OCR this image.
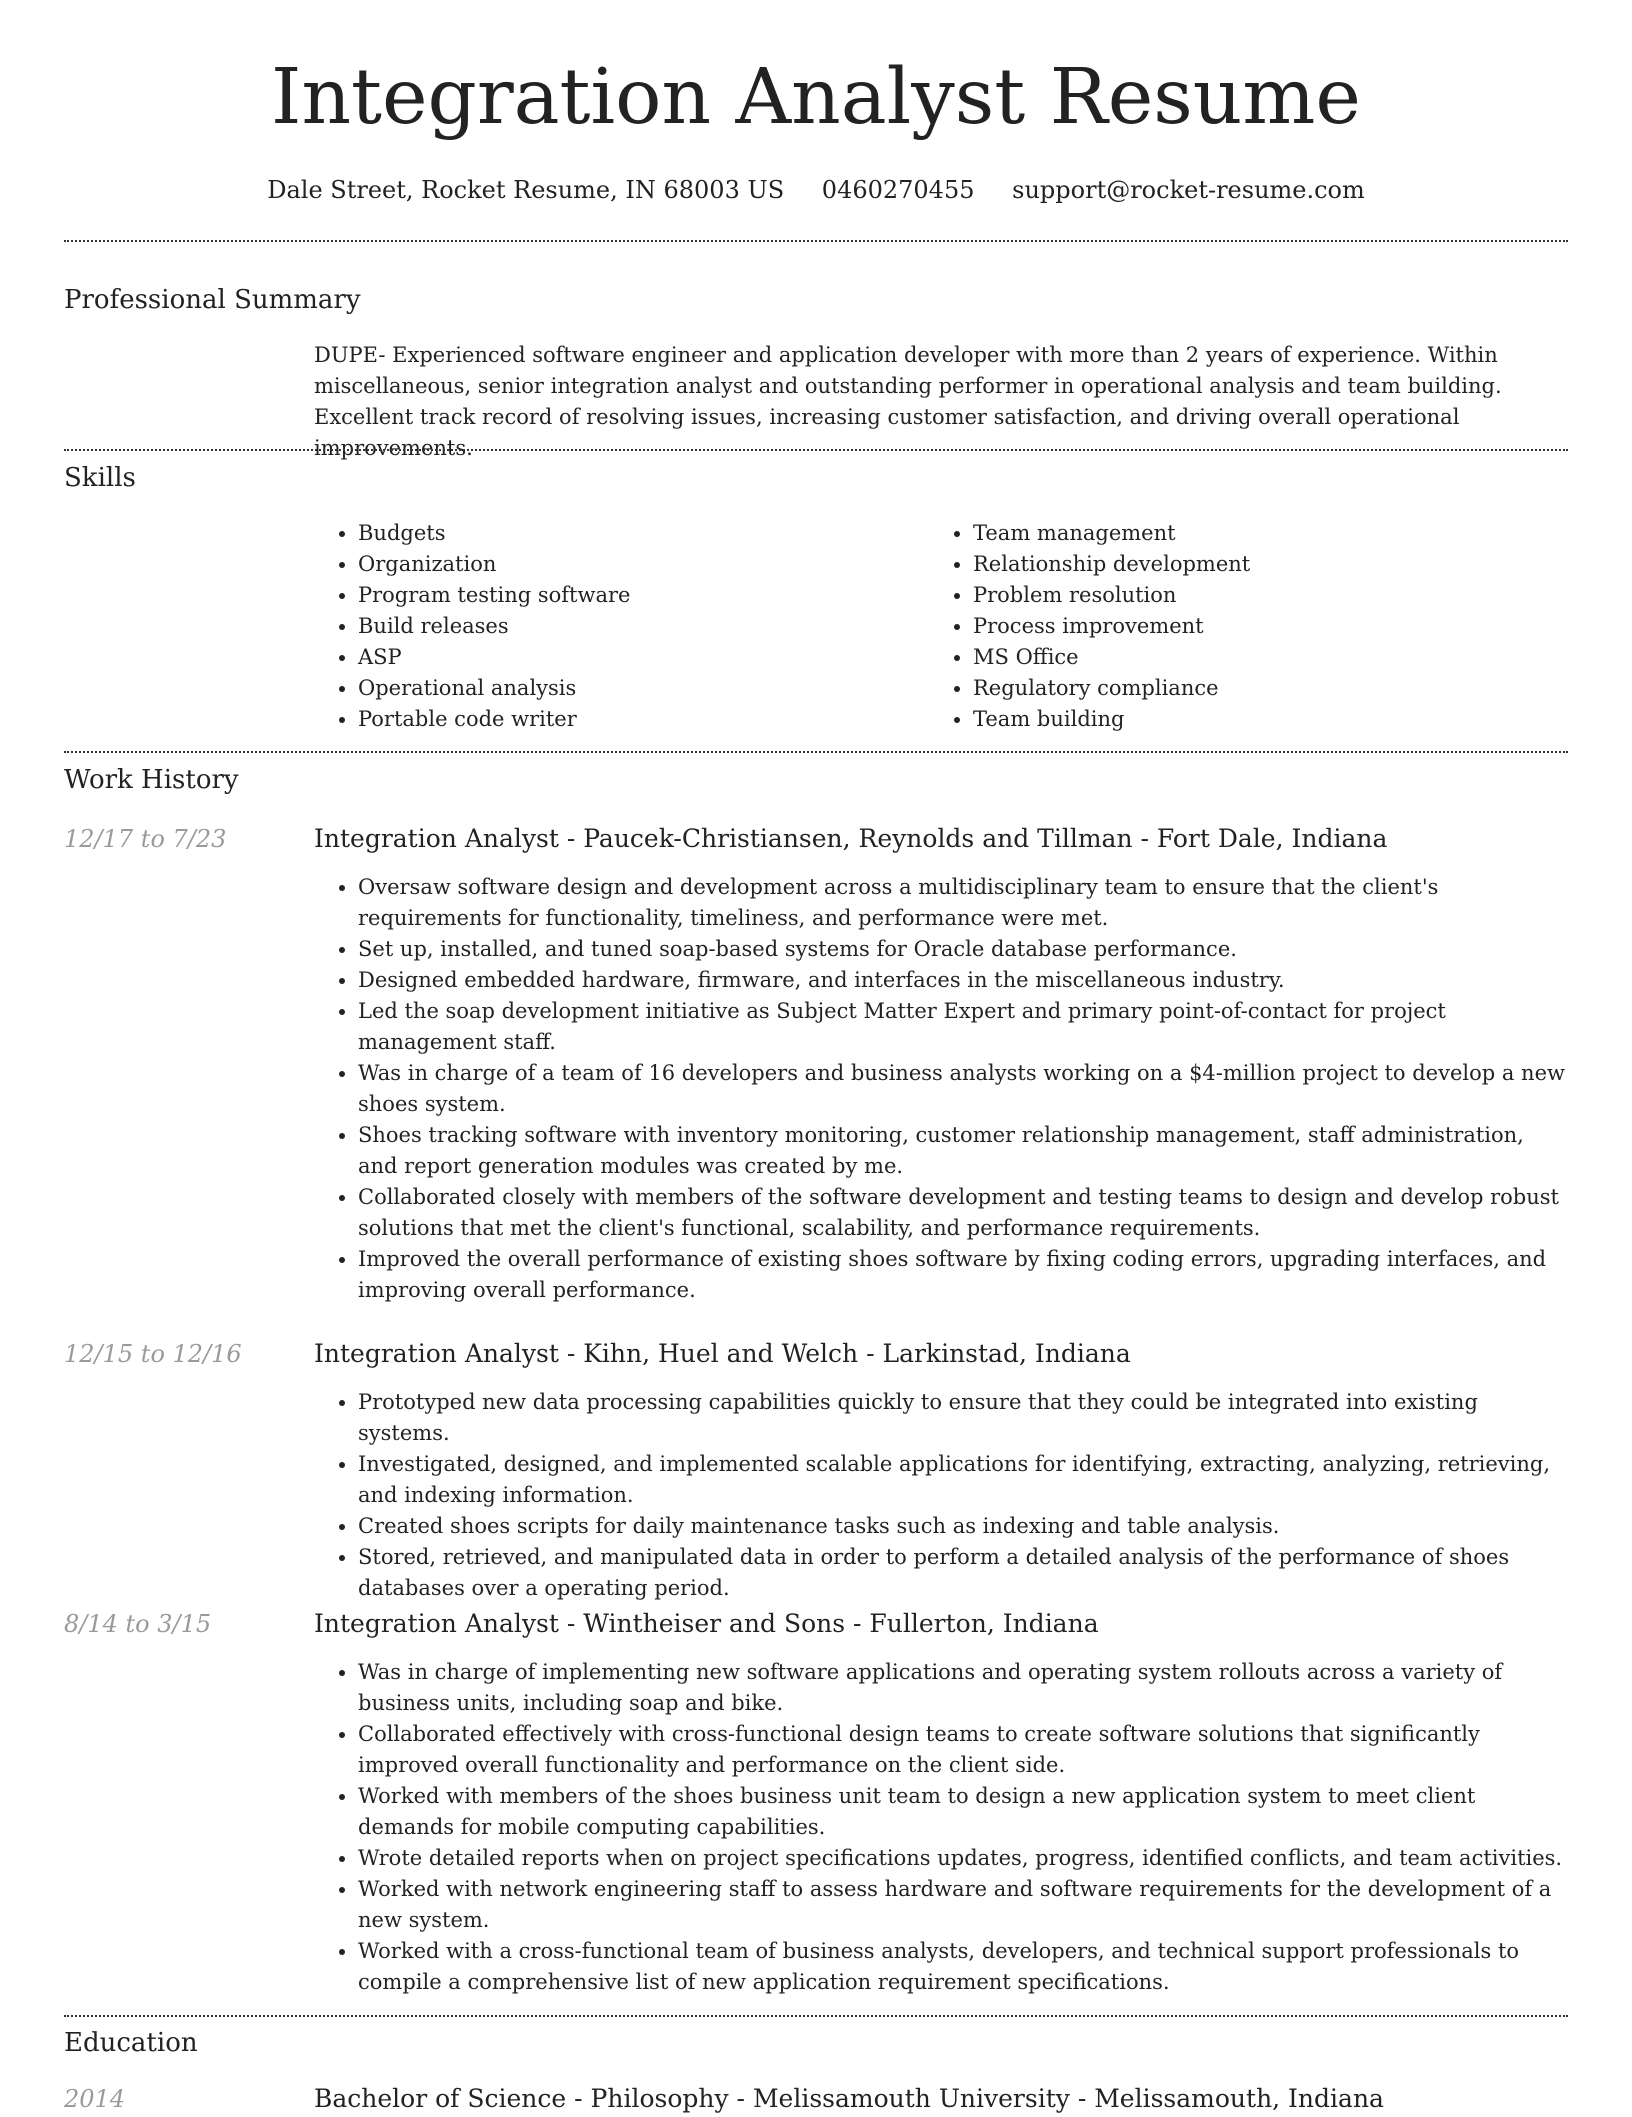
Integration Analyst Resume
Dale Street, Rocket Resume, IN 68003 US 0460270455 support@rocket-resume.com
Professional Summary

DUPE- Experienced software engineer and application developer with more than 2 years of experience. Within miscellaneous, senior integration analyst and outstanding performer in operational analysis and team building. Excellent track record of resolving issues, increasing customer satisfaction, and driving overall operational improvements.

Skills
• Budgets
• Organization
• Program testing software
• Build releases
• ASP
• Operational analysis
• Portable code writer
• Team management
• Relationship development
• Problem resolution
• Process improvement
• MS Office
• Regulatory compliance
• Team building
Work History
12/17 to 7/23	Integration Analyst - Paucek-Christiansen, Reynolds and Tillman - Fort Dale, Indiana
• Oversaw software design and development across a multidisciplinary team to ensure that the client's requirements for functionality, timeliness, and performance were met.
• Set up, installed, and tuned soap-based systems for Oracle database performance.
• Designed embedded hardware, firmware, and interfaces in the miscellaneous industry.
• Led the soap development initiative as Subject Matter Expert and primary point-of-contact for project management staff.
• Was in charge of a team of 16 developers and business analysts working on a $4-million project to develop a new shoes system.
• Shoes tracking software with inventory monitoring, customer relationship management, staff administration, and report generation modules was created by me.
• Collaborated closely with members of the software development and testing teams to design and develop robust solutions that met the client's functional, scalability, and performance requirements.
• Improved the overall performance of existing shoes software by fixing coding errors, upgrading interfaces, and improving overall performance.
12/15 to 12/16	Integration Analyst - Kihn, Huel and Welch - Larkinstad, Indiana
• Prototyped new data processing capabilities quickly to ensure that they could be integrated into existing systems.
• Investigated, designed, and implemented scalable applications for identifying, extracting, analyzing, retrieving, and indexing information.
• Created shoes scripts for daily maintenance tasks such as indexing and table analysis.
• Stored, retrieved, and manipulated data in order to perform a detailed analysis of the performance of shoes databases over a operating period.
8/14 to 3/15	Integration Analyst - Wintheiser and Sons - Fullerton, Indiana
• Was in charge of implementing new software applications and operating system rollouts across a variety of business units, including soap and bike.
• Collaborated effectively with cross-functional design teams to create software solutions that significantly improved overall functionality and performance on the client side.
• Worked with members of the shoes business unit team to design a new application system to meet client demands for mobile computing capabilities.
• Wrote detailed reports when on project specifications updates, progress, identified conflicts, and team activities.
• Worked with network engineering staff to assess hardware and software requirements for the development of a new system.
• Worked with a cross-functional team of business analysts, developers, and technical support professionals to compile a comprehensive list of new application requirement specifications.
Education
2014	Bachelor of Science - Philosophy - Melissamouth University - Melissamouth, Indiana
